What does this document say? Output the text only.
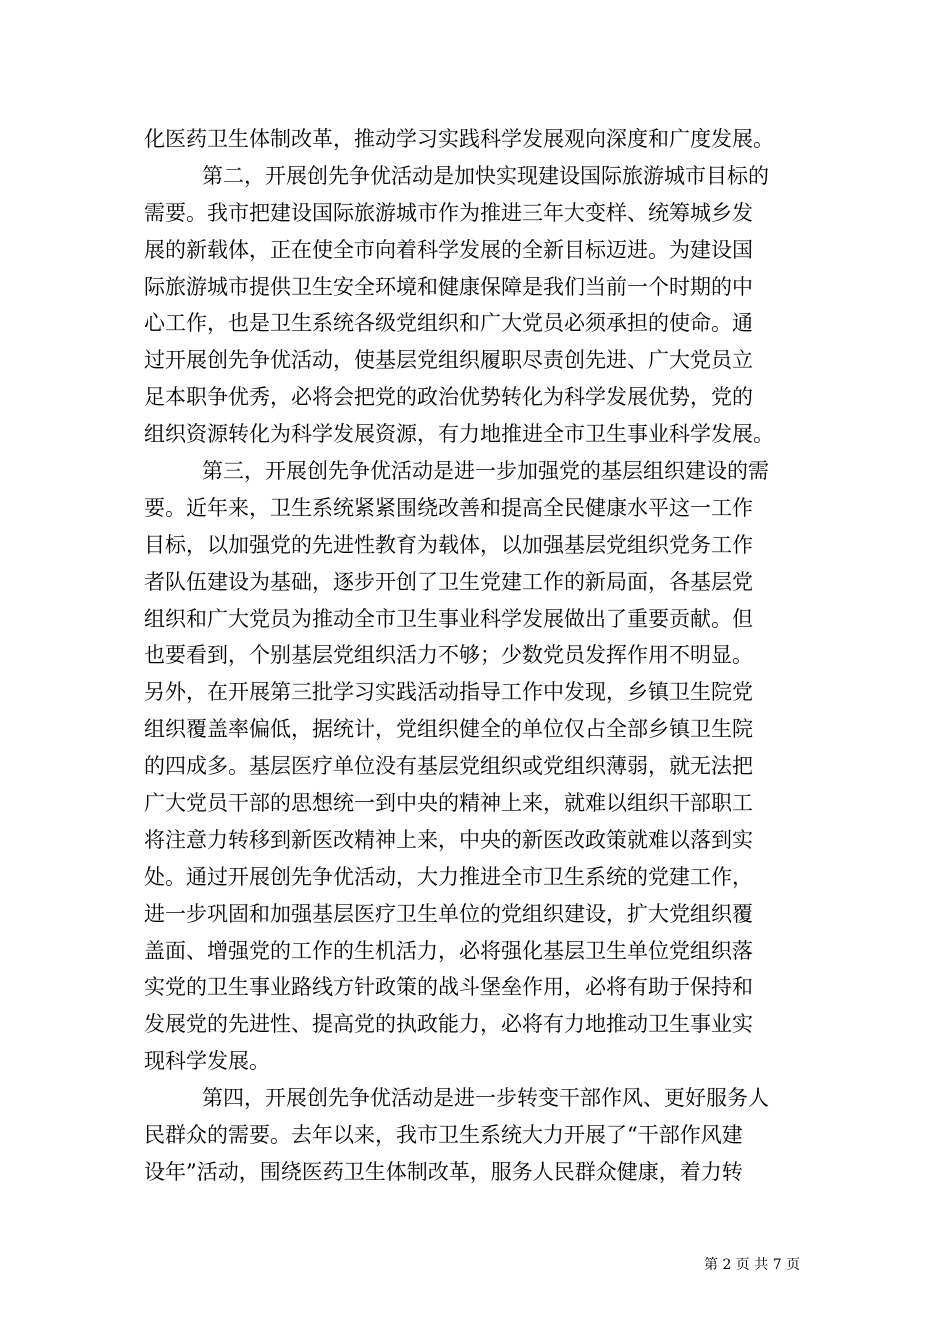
化医药卫生体制改革，推动学习实践科学发展观向深度和广度发展。
第二，开展创先争优活动是加快实现建设国际旅游城市目标的
需要。我市把建设国际旅游城市作为推进三年大变样、统筹城乡发
展的新载体，正在使全市向着科学发展的全新目标迈进。为建设国
际旅游城市提供卫生安全环境和健康保障是我们当前一个时期的中
心工作，也是卫生系统各级党组织和广大党员必须承担的使命。通
过开展创先争优活动，使基层党组织履职尽责创先进、广大党员立
足本职争优秀，必将会把党的政治优势转化为科学发展优势，党的
组织资源转化为科学发展资源，有力地推进全市卫生事业科学发展。
第三，开展创先争优活动是进一步加强党的基层组织建设的需
要。近年来，卫生系统紧紧围绕改善和提高全民健康水平这一工作
目标，以加强党的先进性教育为载体，以加强基层党组织党务工作
者队伍建设为基础，逐步开创了卫生党建工作的新局面，各基层党
组织和广大党员为推动全市卫生事业科学发展做出了重要贡献。但
也要看到，个别基层党组织活力不够；少数党员发挥作用不明显。
另外，在开展第三批学习实践活动指导工作中发现，乡镇卫生院党
组织覆盖率偏低，据统计，党组织健全的单位仅占全部乡镇卫生院
的四成多。基层医疗单位没有基层党组织或党组织薄弱，就无法把
广大党员干部的思想统一到中央的精神上来，就难以组织干部职工
将注意力转移到新医改精神上来，中央的新医改政策就难以落到实
处。通过开展创先争优活动，大力推进全市卫生系统的党建工作，
进一步巩固和加强基层医疗卫生单位的党组织建设，扩大党组织覆
盖面、增强党的工作的生机活力，必将强化基层卫生单位党组织落
实党的卫生事业路线方针政策的战斗堡垒作用，必将有助于保持和
发展党的先进性、提高党的执政能力，必将有力地推动卫生事业实
现科学发展。
第四，开展创先争优活动是进一步转变干部作风、更好服务人
民群众的需要。去年以来，我市卫生系统大力开展了“干部作风建
设年”活动，围绕医药卫生体制改革，服务人民群众健康，着力转
第 2 页 共 7 页
